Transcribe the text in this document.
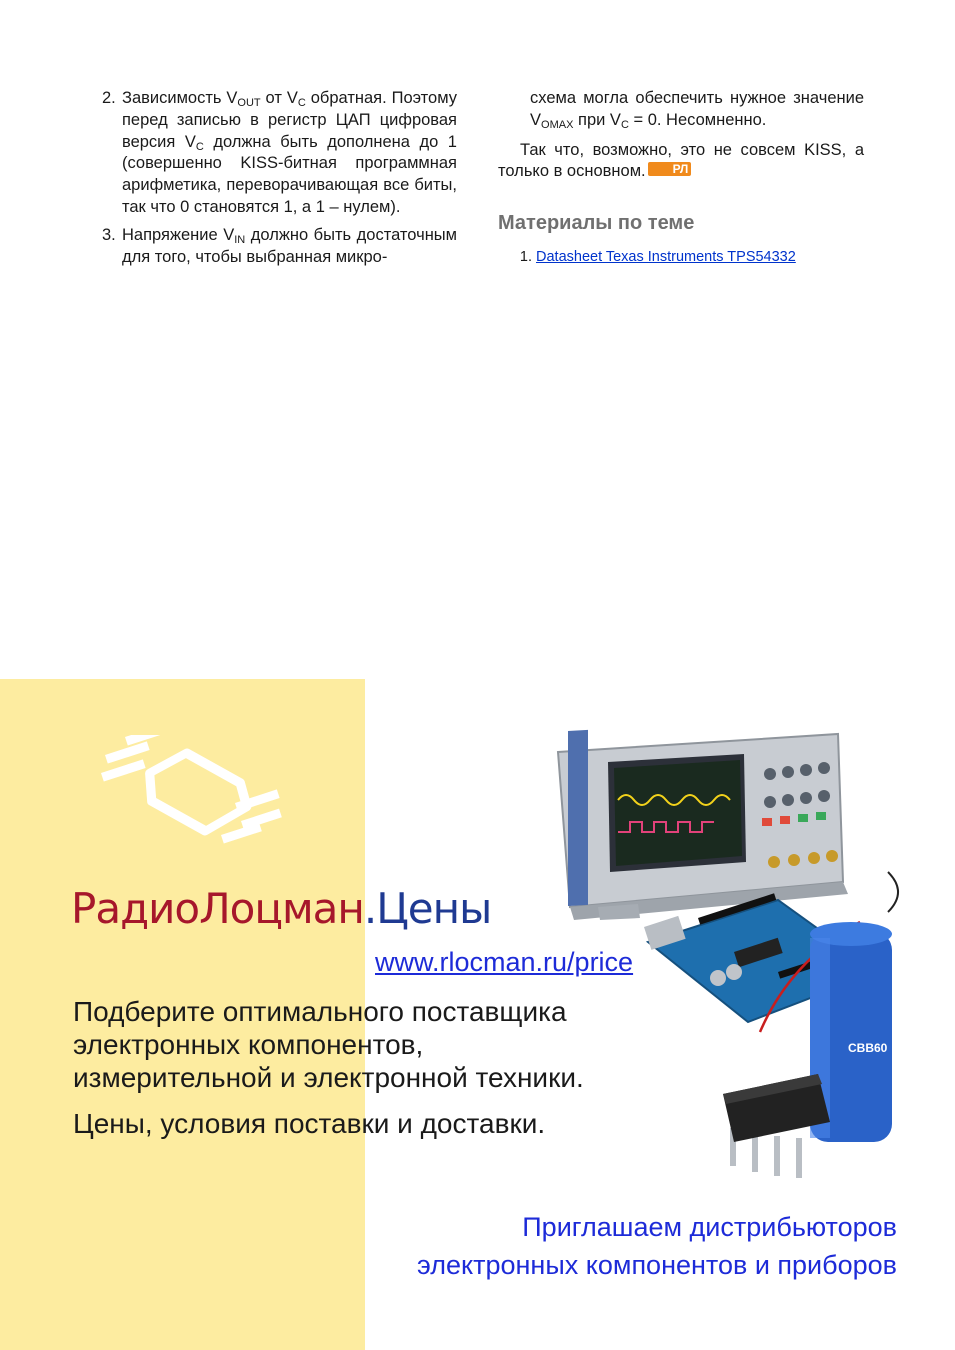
2. Зависимость $V_{OUT}$ от $V_C$ обратная. Поэтому перед записью в регистр ЦАП цифровая версия $V_C$ должна быть дополнена до 1 (совершенно KISS-битная программная арифметика, переворачивающая все биты, так что 0 становятся 1, а 1 – нулем).
3. Напряжение $V_{IN}$ должно быть достаточным для того, чтобы выбранная микро-
схема могла обеспечить нужное значение $V_{OMAX}$ при $V_C = 0$. Несомненно.

Так что, возможно, это не совсем KISS, а только в основном. РЛ

Материалы по теме
1. Datasheet Texas Instruments TPS54332
РадиоЛоцман.Цены
www.rlocman.ru/price
Подберите оптимального поставщика
электронных компонентов,
измерительной и электронной техники.
Цены, условия поставки и доставки.
UNO
CBB60
Приглашаем дистрибьюторов
электронных компонентов и приборов
